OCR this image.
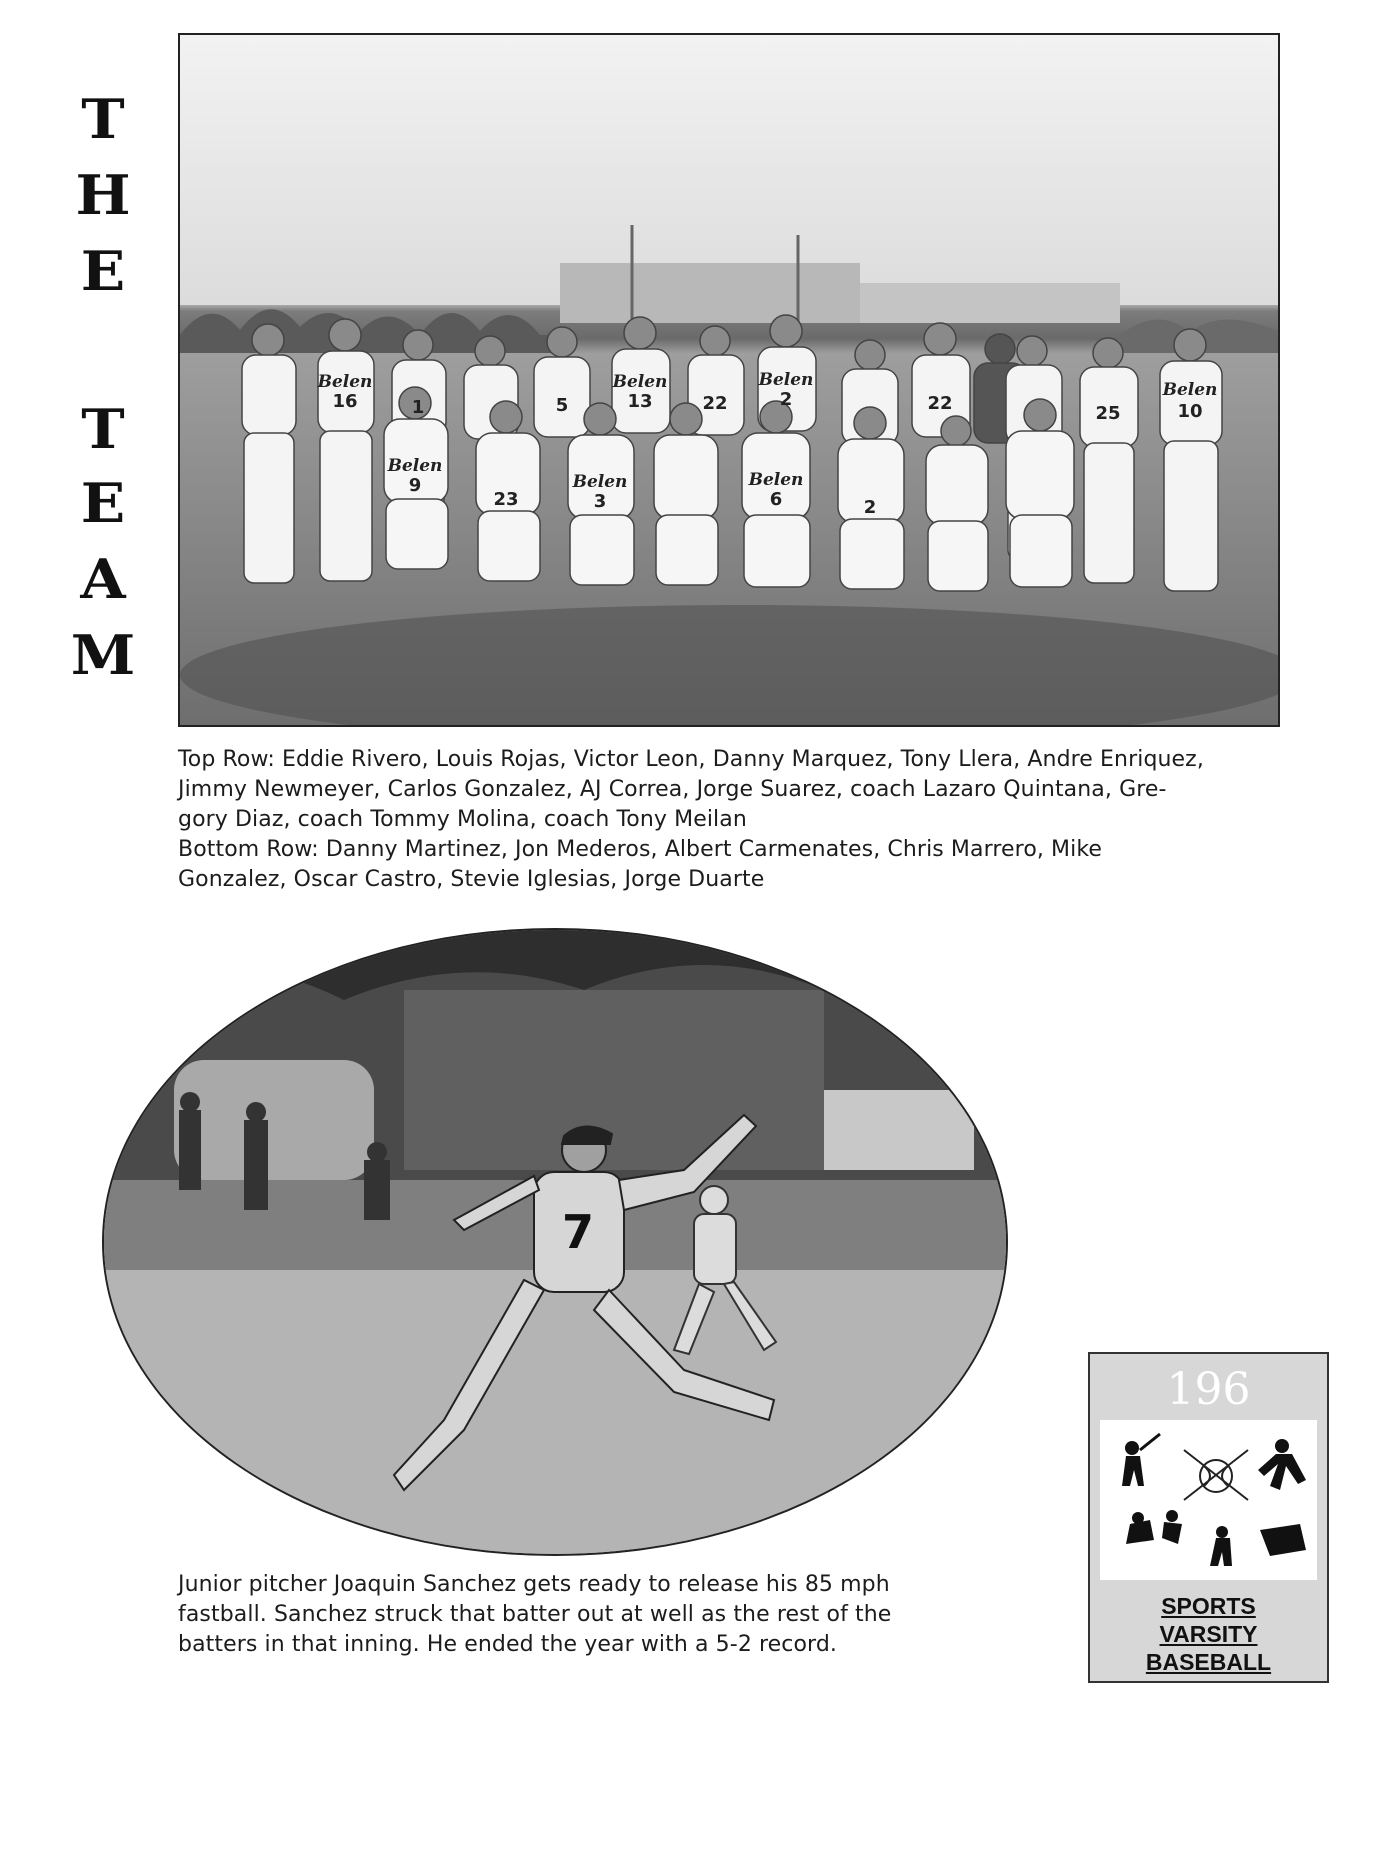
T
H
E
T
E
A
M
16	1	5	13	22	2	22	25	10
9
23	3	6	2
Belen	Belen	Belen	Belen
Belen
Belen	Belen
Top Row: Eddie Rivero, Louis Rojas, Victor Leon, Danny Marquez, Tony Llera, Andre Enriquez,
Jimmy Newmeyer, Carlos Gonzalez, AJ Correa, Jorge Suarez, coach Lazaro Quintana, Gre-
gory Diaz, coach Tommy Molina, coach Tony Meilan
Bottom Row: Danny Martinez, Jon Mederos, Albert Carmenates, Chris Marrero, Mike
Gonzalez, Oscar Castro, Stevie Iglesias, Jorge Duarte
7
Junior pitcher Joaquin Sanchez gets ready to release his 85 mph
fastball. Sanchez struck that batter out at well as the rest of the
batters in that inning. He ended the year with a 5-2 record.
196
SPORTS
VARSITY
BASEBALL
